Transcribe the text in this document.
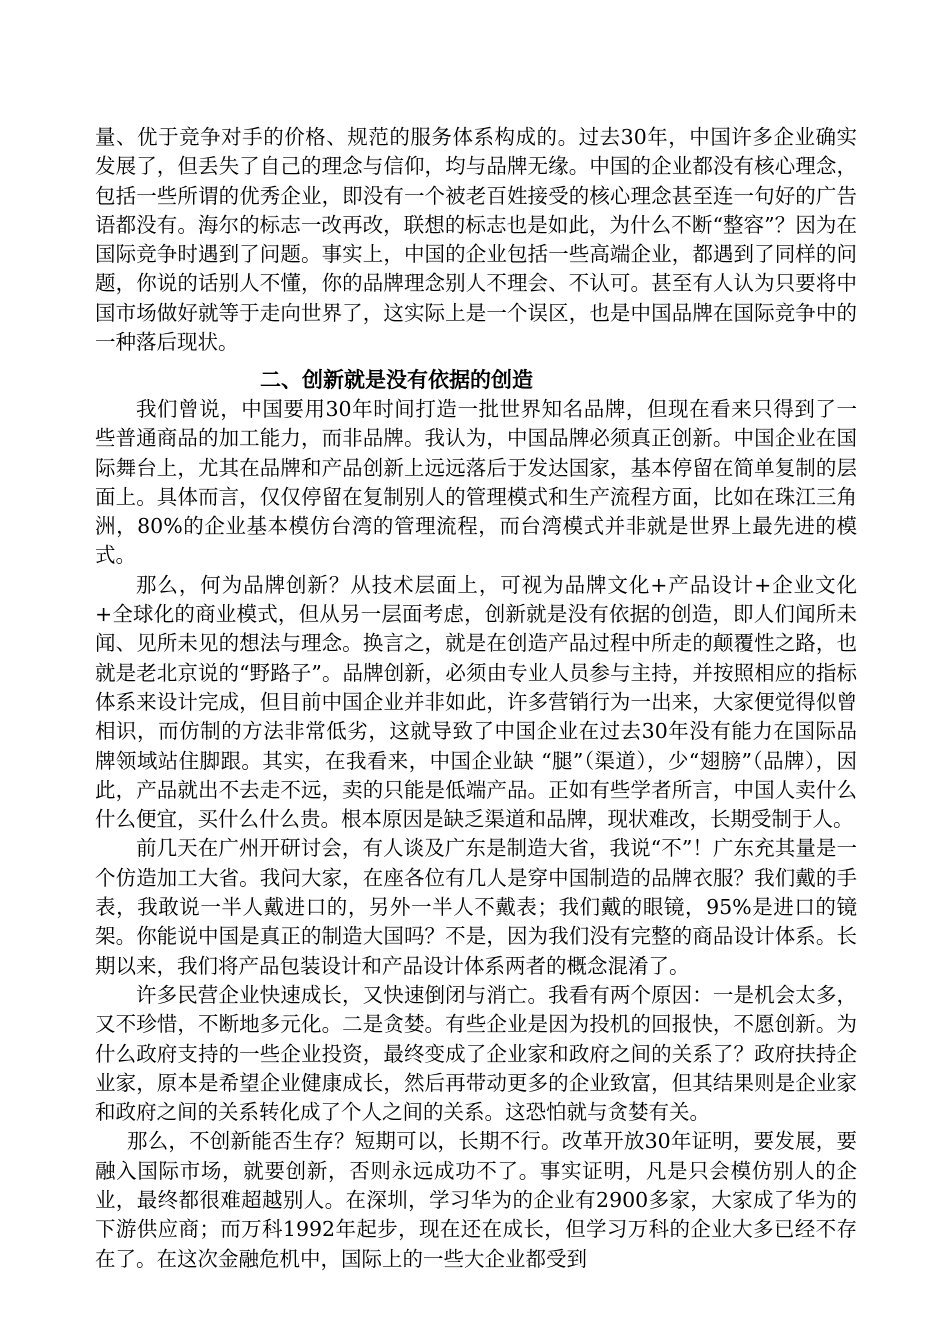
量、优于竞争对手的价格、规范的服务体系构成的。过去30年，中国许多企业确实发展了，但丢失了自己的理念与信仰，均与品牌无缘。中国的企业都没有核心理念，包括一些所谓的优秀企业，即没有一个被老百姓接受的核心理念甚至连一句好的广告语都没有。海尔的标志一改再改，联想的标志也是如此，为什么不断“整容”？因为在国际竞争时遇到了问题。事实上，中国的企业包括一些高端企业，都遇到了同样的问题，你说的话别人不懂，你的品牌理念别人不理会、不认可。甚至有人认为只要将中国市场做好就等于走向世界了，这实际上是一个误区，也是中国品牌在国际竞争中的一种落后现状。

二、创新就是没有依据的创造

我们曾说，中国要用30年时间打造一批世界知名品牌，但现在看来只得到了一些普通商品的加工能力，而非品牌。我认为，中国品牌必须真正创新。中国企业在国际舞台上，尤其在品牌和产品创新上远远落后于发达国家，基本停留在简单复制的层面上。具体而言，仅仅停留在复制别人的管理模式和生产流程方面，比如在珠江三角洲，80%的企业基本模仿台湾的管理流程，而台湾模式并非就是世界上最先进的模式。

那么，何为品牌创新？从技术层面上，可视为品牌文化+产品设计+企业文化+全球化的商业模式，但从另一层面考虑，创新就是没有依据的创造，即人们闻所未闻、见所未见的想法与理念。换言之，就是在创造产品过程中所走的颠覆性之路，也就是老北京说的“野路子”。品牌创新，必须由专业人员参与主持，并按照相应的指标体系来设计完成，但目前中国企业并非如此，许多营销行为一出来，大家便觉得似曾相识，而仿制的方法非常低劣，这就导致了中国企业在过去30年没有能力在国际品牌领域站住脚跟。其实，在我看来，中国企业缺 “腿”（渠道），少“翅膀”（品牌），因此，产品就出不去走不远，卖的只能是低端产品。正如有些学者所言，中国人卖什么什么便宜，买什么什么贵。根本原因是缺乏渠道和品牌，现状难改，长期受制于人。

前几天在广州开研讨会，有人谈及广东是制造大省，我说“不”！广东充其量是一个仿造加工大省。我问大家，在座各位有几人是穿中国制造的品牌衣服？我们戴的手表，我敢说一半人戴进口的，另外一半人不戴表；我们戴的眼镜，95%是进口的镜架。你能说中国是真正的制造大国吗？不是，因为我们没有完整的商品设计体系。长期以来，我们将产品包装设计和产品设计体系两者的概念混淆了。

许多民营企业快速成长，又快速倒闭与消亡。我看有两个原因：一是机会太多，又不珍惜，不断地多元化。二是贪婪。有些企业是因为投机的回报快，不愿创新。为什么政府支持的一些企业投资，最终变成了企业家和政府之间的关系了？政府扶持企业家，原本是希望企业健康成长，然后再带动更多的企业致富，但其结果则是企业家和政府之间的关系转化成了个人之间的关系。这恐怕就与贪婪有关。

那么，不创新能否生存？短期可以，长期不行。改革开放30年证明，要发展，要融入国际市场，就要创新，否则永远成功不了。事实证明，凡是只会模仿别人的企业，最终都很难超越别人。在深圳，学习华为的企业有2900多家，大家成了华为的下游供应商；而万科1992年起步，现在还在成长，但学习万科的企业大多已经不存在了。在这次金融危机中，国际上的一些大企业都受到
